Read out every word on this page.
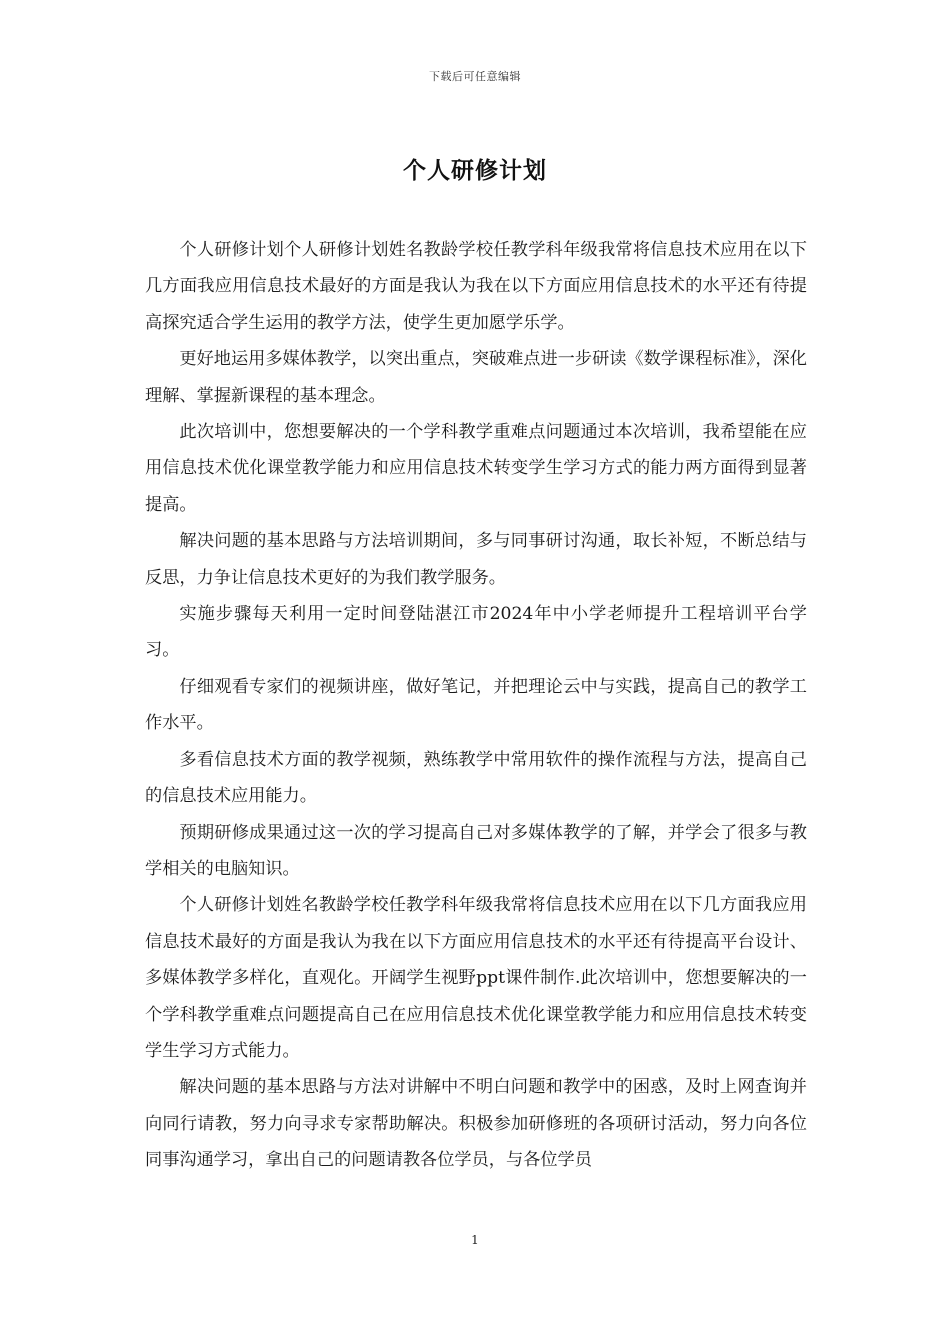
下载后可任意编辑
个人研修计划

个人研修计划个人研修计划姓名教龄学校任教学科年级我常将信息技术应用在以下几方面我应用信息技术最好的方面是我认为我在以下方面应用信息技术的水平还有待提高探究适合学生运用的教学方法，使学生更加愿学乐学。

更好地运用多媒体教学，以突出重点，突破难点进一步研读《数学课程标准》，深化理解、掌握新课程的基本理念。

此次培训中，您想要解决的一个学科教学重难点问题通过本次培训，我希望能在应用信息技术优化课堂教学能力和应用信息技术转变学生学习方式的能力两方面得到显著提高。

解决问题的基本思路与方法培训期间，多与同事研讨沟通，取长补短，不断总结与反思，力争让信息技术更好的为我们教学服务。

实施步骤每天利用一定时间登陆湛江市2024年中小学老师提升工程培训平台学习。

仔细观看专家们的视频讲座，做好笔记，并把理论云中与实践，提高自己的教学工作水平。

多看信息技术方面的教学视频，熟练教学中常用软件的操作流程与方法，提高自己的信息技术应用能力。

预期研修成果通过这一次的学习提高自己对多媒体教学的了解，并学会了很多与教学相关的电脑知识。

个人研修计划姓名教龄学校任教学科年级我常将信息技术应用在以下几方面我应用信息技术最好的方面是我认为我在以下方面应用信息技术的水平还有待提高平台设计、多媒体教学多样化，直观化。开阔学生视野ppt课件制作.此次培训中，您想要解决的一个学科教学重难点问题提高自己在应用信息技术优化课堂教学能力和应用信息技术转变学生学习方式能力。

解决问题的基本思路与方法对讲解中不明白问题和教学中的困惑，及时上网查询并向同行请教，努力向寻求专家帮助解决。积极参加研修班的各项研讨活动，努力向各位同事沟通学习，拿出自己的问题请教各位学员，与各位学员

1
